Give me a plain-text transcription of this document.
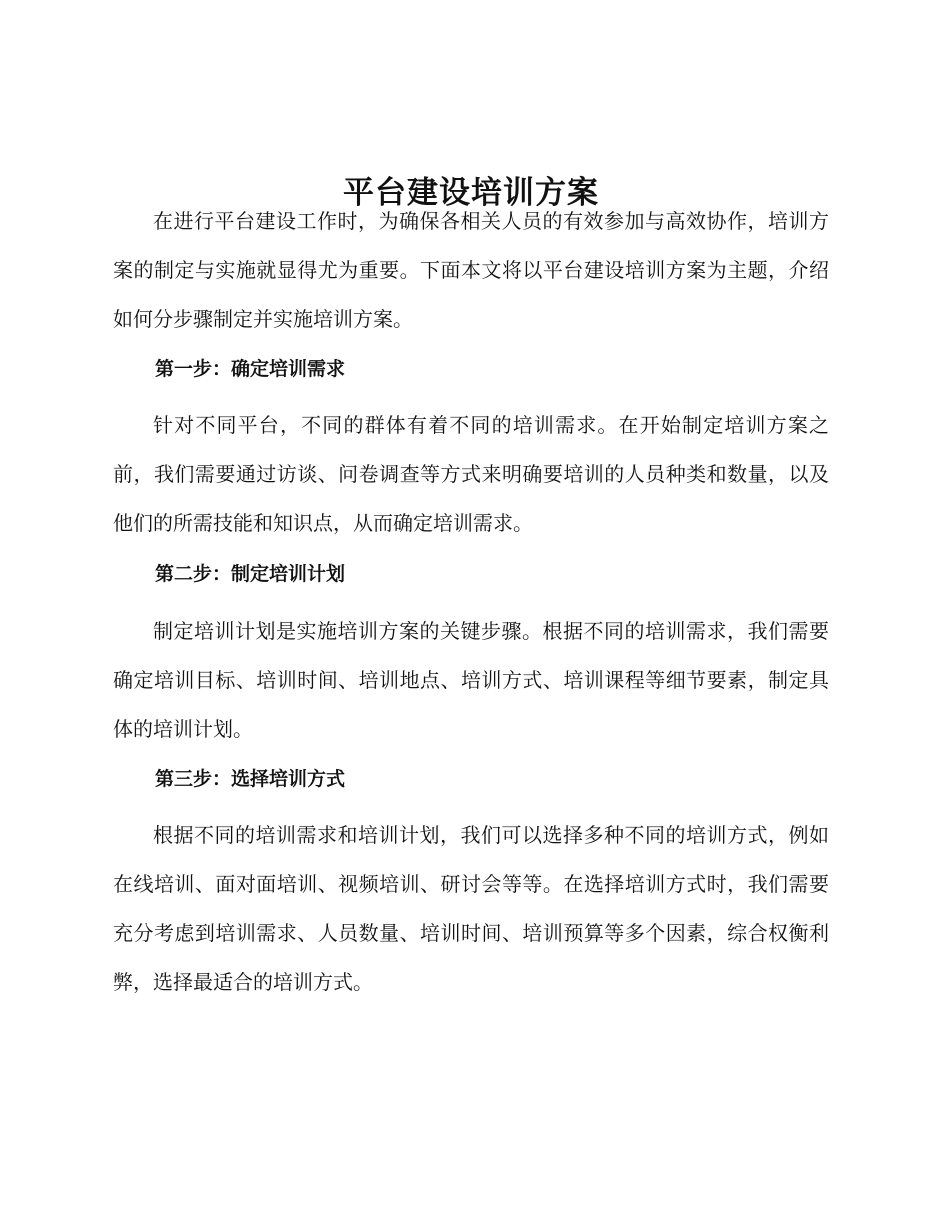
平台建设培训方案

在进行平台建设工作时，为确保各相关人员的有效参加与高效协作，培训方案的制定与实施就显得尤为重要。下面本文将以平台建设培训方案为主题，介绍如何分步骤制定并实施培训方案。

第一步：确定培训需求

针对不同平台，不同的群体有着不同的培训需求。在开始制定培训方案之前，我们需要通过访谈、问卷调查等方式来明确要培训的人员种类和数量，以及他们的所需技能和知识点，从而确定培训需求。

第二步：制定培训计划

制定培训计划是实施培训方案的关键步骤。根据不同的培训需求，我们需要确定培训目标、培训时间、培训地点、培训方式、培训课程等细节要素，制定具体的培训计划。

第三步：选择培训方式

根据不同的培训需求和培训计划，我们可以选择多种不同的培训方式，例如在线培训、面对面培训、视频培训、研讨会等等。在选择培训方式时，我们需要充分考虑到培训需求、人员数量、培训时间、培训预算等多个因素，综合权衡利弊，选择最适合的培训方式。
